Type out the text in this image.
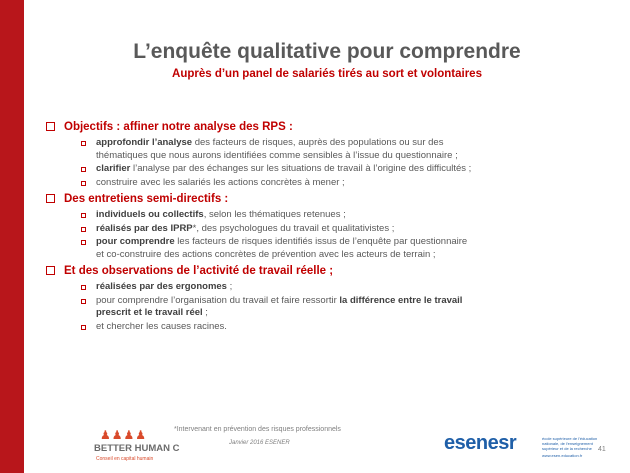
L’enquête qualitative pour comprendre
Auprès d’un panel de salariés tirés au sort et volontaires
Objectifs : affiner notre analyse des RPS :
approfondir l’analyse des facteurs de risques, auprès des populations ou sur des thématiques que nous aurons identifiées comme sensibles à l’issue du questionnaire ;
clarifier l’analyse par des échanges sur les situations de travail à l’origine des difficultés ;
construire avec les salariés les actions concrètes à mener ;
Des entretiens semi-directifs :
individuels ou collectifs, selon les thématiques retenues ;
réalisés par des IPRP*, des psychologues du travail et qualitativistes ;
pour comprendre les facteurs de risques identifiés issus de l’enquête par questionnaire et co-construire des actions concrètes de prévention avec les acteurs de terrain ;
Et des observations de l’activité de travail réelle ;
réalisées par des ergonomes ;
pour comprendre l’organisation du travail et faire ressortir la différence entre le travail prescrit et le travail réel ;
et chercher les causes racines.
*Intervenant en prévention des risques professionnels
♟♟♟♟
BETTER HUMAN C
Conseil en capital humain
Janvier 2016 ESENER	esenesr	école supérieure de l'éducation nationale, de l'enseignement supérieur et de la recherche
www.esen.education.fr
41
